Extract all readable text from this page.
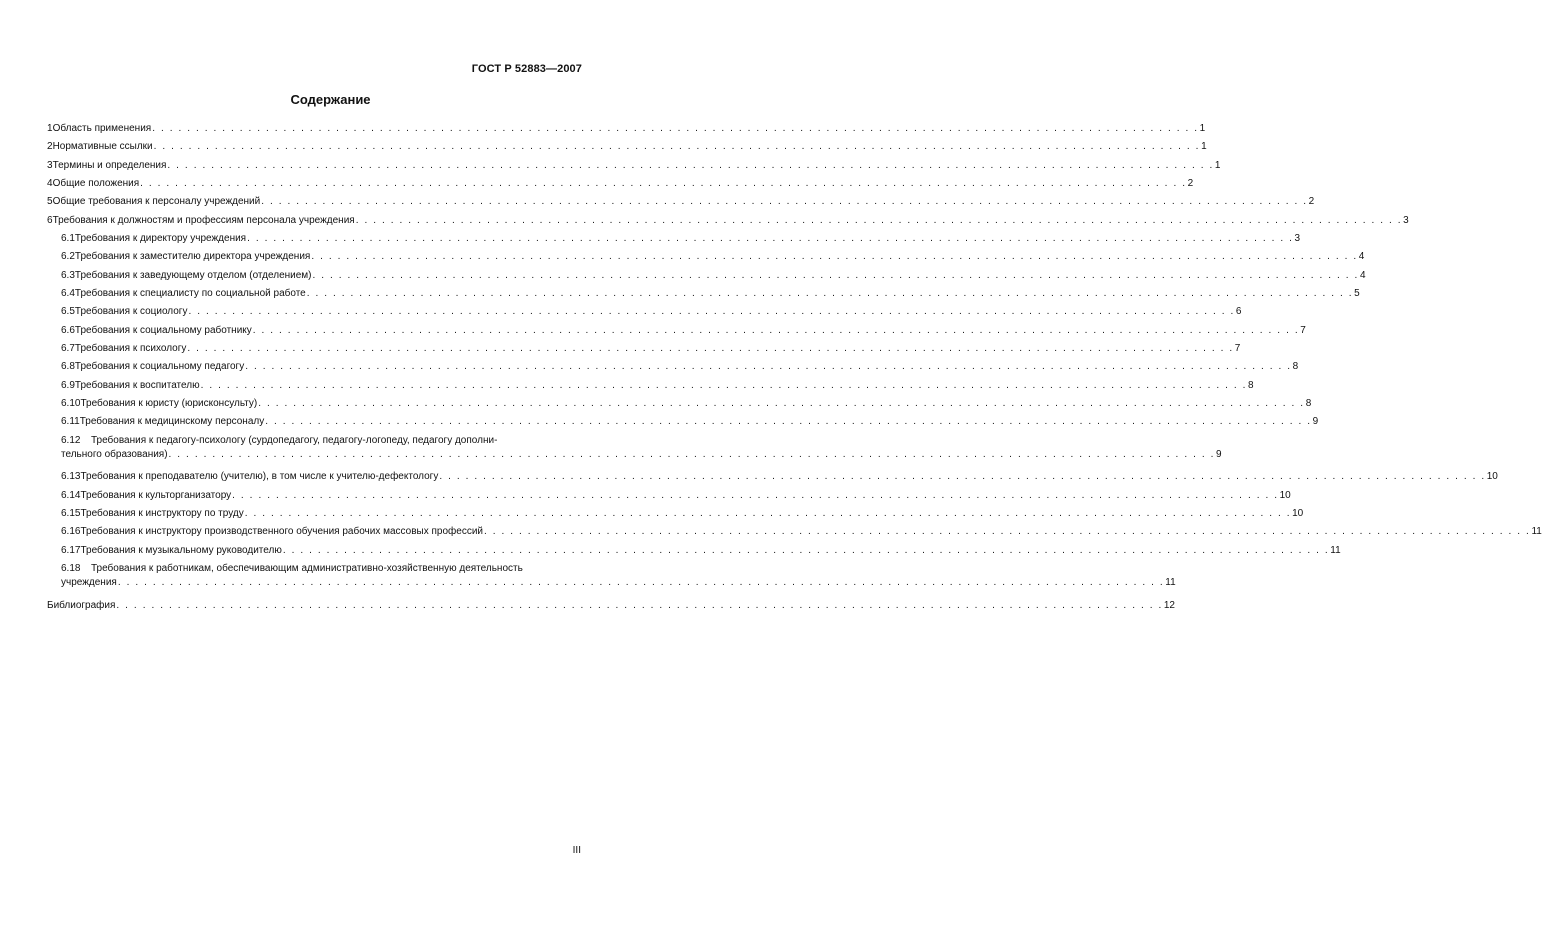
ГОСТ Р 52883—2007
Содержание
1 Область применения . . . . . . . . . . . . . . . . . . . . . . . . . . . . . . . . . . . . . . . . . . . . . . . . . . . . . . . . . . . . . . . . . . . . . . . . . . . . . . . . . . . . . . . . . . . . . . . . . . . . . . . . . . . . . . . . . . . . . . . . 1
2 Нормативные ссылки . . . . . . . . . . . . . . . . . . . . . . . . . . . . . . . . . . . . . . . . . . . . . . . . . . . . . . . . . . . . . . . . . . . . . . . . . . . . . . . . . . . . . . . . . . . . . . . . . . . . . . . . . . . . . . . . . . . . . . . . 1
3 Термины и определения . . . . . . . . . . . . . . . . . . . . . . . . . . . . . . . . . . . . . . . . . . . . . . . . . . . . . . . . . . . . . . . . . . . . . . . . . . . . . . . . . . . . . . . . . . . . . . . . . . . . . . . . . . . . . . . . . . . . . . . . 1
4 Общие положения . . . . . . . . . . . . . . . . . . . . . . . . . . . . . . . . . . . . . . . . . . . . . . . . . . . . . . . . . . . . . . . . . . . . . . . . . . . . . . . . . . . . . . . . . . . . . . . . . . . . . . . . . . . . . . . . . . . . . . . . 2
5 Общие требования к персоналу учреждений . . . . . . . . . . . . . . . . . . . . . . . . . . . . . . . . . . . . . . . . . . . . . . . . . . . . . . . . . . . . . . . . . . . . . . . . . . . . . . . . . . . . . . . . . . . . . . . . . . . . . . . . . . . . . . . . . . . . . . . . 2
6 Требования к должностям и профессиям персонала учреждения . . . . . . . . . . . . . . . . . . . . . . . . . . . . . . . . . . . . . . . . . . . . . . . . . . . . . . . . . . . . . . . . . . . . . . . . . . . . . . . . . . . . . . . . . . . . . . . . . . . . . . . . . . . . . . . . . . . . . . . . 3
6.1 Требования к директору учреждения . . . . . . . . . . . . . . . . . . . . . . . . . . . . . . . . . . . . . . . . . . . . . . . . . . . . . . . . . . . . . . . . . . . . . . . . . . . . . . . . . . . . . . . . . . . . . . . . . . . . . . . . . . . . . . . . . . . . . . . . 3
6.2 Требования к заместителю директора учреждения . . . . . . . . . . . . . . . . . . . . . . . . . . . . . . . . . . . . . . . . . . . . . . . . . . . . . . . . . . . . . . . . . . . . . . . . . . . . . . . . . . . . . . . . . . . . . . . . . . . . . . . . . . . . . . . . . . . . . . . . 4
6.3 Требования к заведующему отделом (отделением) . . . . . . . . . . . . . . . . . . . . . . . . . . . . . . . . . . . . . . . . . . . . . . . . . . . . . . . . . . . . . . . . . . . . . . . . . . . . . . . . . . . . . . . . . . . . . . . . . . . . . . . . . . . . . . . . . . . . . . . . 4
6.4 Требования к специалисту по социальной работе . . . . . . . . . . . . . . . . . . . . . . . . . . . . . . . . . . . . . . . . . . . . . . . . . . . . . . . . . . . . . . . . . . . . . . . . . . . . . . . . . . . . . . . . . . . . . . . . . . . . . . . . . . . . . . . . . . . . . . . . 5
6.5 Требования к социологу . . . . . . . . . . . . . . . . . . . . . . . . . . . . . . . . . . . . . . . . . . . . . . . . . . . . . . . . . . . . . . . . . . . . . . . . . . . . . . . . . . . . . . . . . . . . . . . . . . . . . . . . . . . . . . . . . . . . . . . . 6
6.6 Требования к социальному работнику . . . . . . . . . . . . . . . . . . . . . . . . . . . . . . . . . . . . . . . . . . . . . . . . . . . . . . . . . . . . . . . . . . . . . . . . . . . . . . . . . . . . . . . . . . . . . . . . . . . . . . . . . . . . . . . . . . . . . . . . 7
6.7 Требования к психологу . . . . . . . . . . . . . . . . . . . . . . . . . . . . . . . . . . . . . . . . . . . . . . . . . . . . . . . . . . . . . . . . . . . . . . . . . . . . . . . . . . . . . . . . . . . . . . . . . . . . . . . . . . . . . . . . . . . . . . . . 7
6.8 Требования к социальному педагогу . . . . . . . . . . . . . . . . . . . . . . . . . . . . . . . . . . . . . . . . . . . . . . . . . . . . . . . . . . . . . . . . . . . . . . . . . . . . . . . . . . . . . . . . . . . . . . . . . . . . . . . . . . . . . . . . . . . . . . . . 8
6.9 Требования к воспитателю . . . . . . . . . . . . . . . . . . . . . . . . . . . . . . . . . . . . . . . . . . . . . . . . . . . . . . . . . . . . . . . . . . . . . . . . . . . . . . . . . . . . . . . . . . . . . . . . . . . . . . . . . . . . . . . . . . . . . . . . 8
6.10 Требования к юристу (юрисконсульту) . . . . . . . . . . . . . . . . . . . . . . . . . . . . . . . . . . . . . . . . . . . . . . . . . . . . . . . . . . . . . . . . . . . . . . . . . . . . . . . . . . . . . . . . . . . . . . . . . . . . . . . . . . . . . . . . . . . . . . . . 8
6.11 Требования к медицинскому персоналу . . . . . . . . . . . . . . . . . . . . . . . . . . . . . . . . . . . . . . . . . . . . . . . . . . . . . . . . . . . . . . . . . . . . . . . . . . . . . . . . . . . . . . . . . . . . . . . . . . . . . . . . . . . . . . . . . . . . . . . . 9
6.12	Требования к педагогу-психологу (сурдопедагогу, педагогу-логопеду, педагогу дополни-
тельного образования) . . . . . . . . . . . . . . . . . . . . . . . . . . . . . . . . . . . . . . . . . . . . . . . . . . . . . . . . . . . . . . . . . . . . . . . . . . . . . . . . . . . . . . . . . . . . . . . . . . . . . . . . . . . . . . . . . . . . . . . . 9
6.13 Требования к преподавателю (учителю), в том числе к учителю-дефектологу . . . . . . . . . . . . . . . . . . . . . . . . . . . . . . . . . . . . . . . . . . . . . . . . . . . . . . . . . . . . . . . . . . . . . . . . . . . . . . . . . . . . . . . . . . . . . . . . . . . . . . . . . . . . . . . . . . . . . . . . 10
6.14 Требования к культорганизатору . . . . . . . . . . . . . . . . . . . . . . . . . . . . . . . . . . . . . . . . . . . . . . . . . . . . . . . . . . . . . . . . . . . . . . . . . . . . . . . . . . . . . . . . . . . . . . . . . . . . . . . . . . . . . . . . . . . . . . . . 10
6.15 Требования к инструктору по труду . . . . . . . . . . . . . . . . . . . . . . . . . . . . . . . . . . . . . . . . . . . . . . . . . . . . . . . . . . . . . . . . . . . . . . . . . . . . . . . . . . . . . . . . . . . . . . . . . . . . . . . . . . . . . . . . . . . . . . . . 10
6.16 Требования к инструктору производственного обучения рабочих массовых профессий . . . . . . . . . . . . . . . . . . . . . . . . . . . . . . . . . . . . . . . . . . . . . . . . . . . . . . . . . . . . . . . . . . . . . . . . . . . . . . . . . . . . . . . . . . . . . . . . . . . . . . . . . . . . . . . . . . . . . . . . 11
6.17 Требования к музыкальному руководителю . . . . . . . . . . . . . . . . . . . . . . . . . . . . . . . . . . . . . . . . . . . . . . . . . . . . . . . . . . . . . . . . . . . . . . . . . . . . . . . . . . . . . . . . . . . . . . . . . . . . . . . . . . . . . . . . . . . . . . . . 11
6.18	Требования к работникам, обеспечивающим административно-хозяйственную деятельность
учреждения . . . . . . . . . . . . . . . . . . . . . . . . . . . . . . . . . . . . . . . . . . . . . . . . . . . . . . . . . . . . . . . . . . . . . . . . . . . . . . . . . . . . . . . . . . . . . . . . . . . . . . . . . . . . . . . . . . . . . . . . 11
Библиография . . . . . . . . . . . . . . . . . . . . . . . . . . . . . . . . . . . . . . . . . . . . . . . . . . . . . . . . . . . . . . . . . . . . . . . . . . . . . . . . . . . . . . . . . . . . . . . . . . . . . . . . . . . . . . . . . . . . . . . . 12
III
